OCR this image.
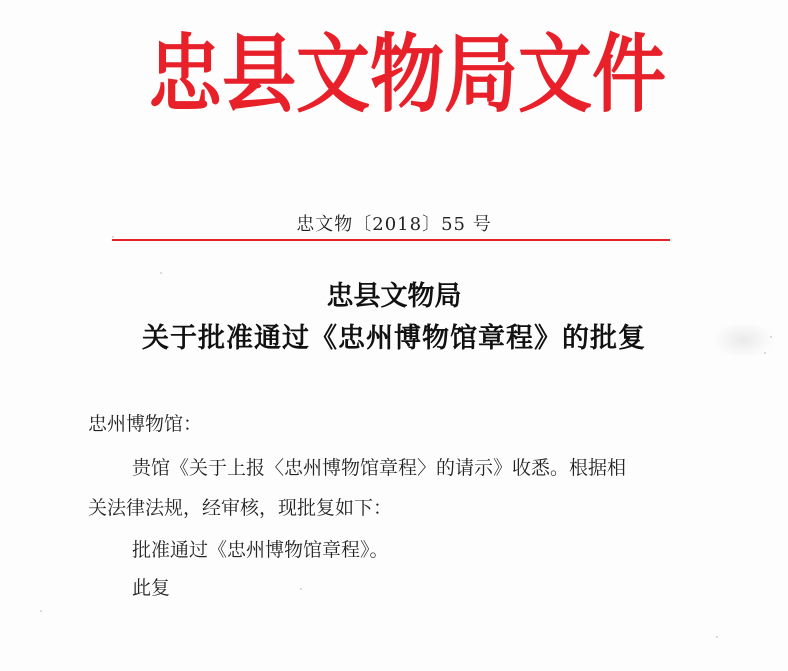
忠 县 文 物 局 文 件
忠文物〔2018〕55 号
忠县文物局
关于批准通过《忠州博物馆章程》的批复
忠州博物馆：
贵馆《关于上报〈忠州博物馆章程〉的请示》收悉。根据相
关法律法规，经审核，现批复如下：
批准通过《忠州博物馆章程》。
此复
